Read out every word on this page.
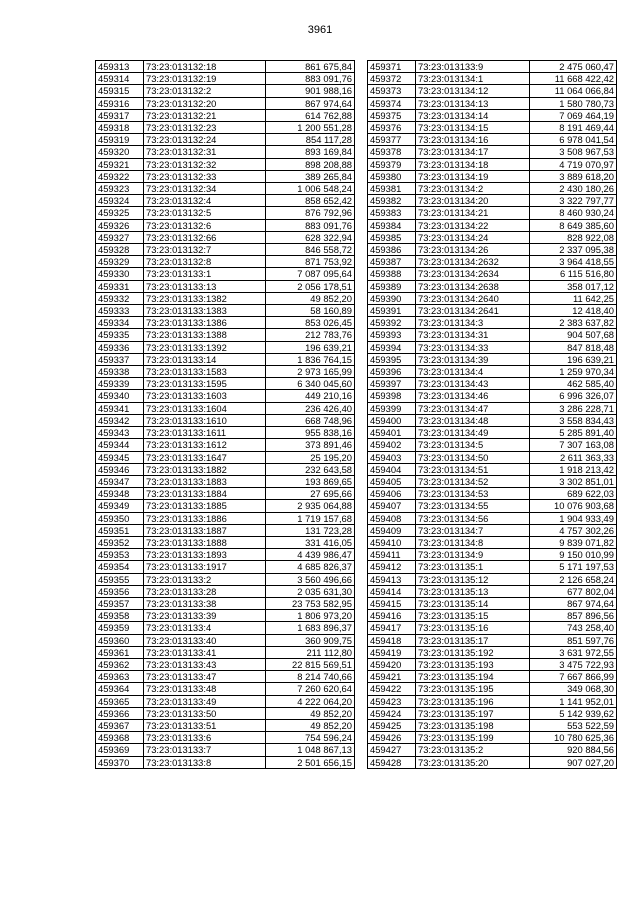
3961
459313	73:23:013132:18	861 675,84
459314	73:23:013132:19	883 091,76
459315	73:23:013132:2	901 988,16
459316	73:23:013132:20	867 974,64
459317	73:23:013132:21	614 762,88
459318	73:23:013132:23	1 200 551,28
459319	73:23:013132:24	854 117,28
459320	73:23:013132:31	893 169,84
459321	73:23:013132:32	898 208,88
459322	73:23:013132:33	389 265,84
459323	73:23:013132:34	1 006 548,24
459324	73:23:013132:4	858 652,42
459325	73:23:013132:5	876 792,96
459326	73:23:013132:6	883 091,76
459327	73:23:013132:66	628 322,94
459328	73:23:013132:7	846 558,72
459329	73:23:013132:8	871 753,92
459330	73:23:013133:1	7 087 095,64
459331	73:23:013133:13	2 056 178,51
459332	73:23:013133:1382	49 852,20
459333	73:23:013133:1383	58 160,89
459334	73:23:013133:1386	853 026,45
459335	73:23:013133:1388	212 783,76
459336	73:23:013133:1392	196 639,21
459337	73:23:013133:14	1 836 764,15
459338	73:23:013133:1583	2 973 165,99
459339	73:23:013133:1595	6 340 045,60
459340	73:23:013133:1603	449 210,16
459341	73:23:013133:1604	236 426,40
459342	73:23:013133:1610	668 748,96
459343	73:23:013133:1611	955 838,16
459344	73:23:013133:1612	373 891,46
459345	73:23:013133:1647	25 195,20
459346	73:23:013133:1882	232 643,58
459347	73:23:013133:1883	193 869,65
459348	73:23:013133:1884	27 695,66
459349	73:23:013133:1885	2 935 064,88
459350	73:23:013133:1886	1 719 157,68
459351	73:23:013133:1887	131 723,28
459352	73:23:013133:1888	331 416,05
459353	73:23:013133:1893	4 439 986,47
459354	73:23:013133:1917	4 685 826,37
459355	73:23:013133:2	3 560 496,66
459356	73:23:013133:28	2 035 631,30
459357	73:23:013133:38	23 753 582,95
459358	73:23:013133:39	1 806 973,20
459359	73:23:013133:4	1 683 896,37
459360	73:23:013133:40	360 909,75
459361	73:23:013133:41	211 112,80
459362	73:23:013133:43	22 815 569,51
459363	73:23:013133:47	8 214 740,66
459364	73:23:013133:48	7 260 620,64
459365	73:23:013133:49	4 222 064,20
459366	73:23:013133:50	49 852,20
459367	73:23:013133:51	49 852,20
459368	73:23:013133:6	754 596,24
459369	73:23:013133:7	1 048 867,13
459370	73:23:013133:8	2 501 656,15
459371	73:23:013133:9	2 475 060,47
459372	73:23:013134:1	11 668 422,42
459373	73:23:013134:12	11 064 066,84
459374	73:23:013134:13	1 580 780,73
459375	73:23:013134:14	7 069 464,19
459376	73:23:013134:15	8 191 469,44
459377	73:23:013134:16	6 978 041,54
459378	73:23:013134:17	3 508 967,53
459379	73:23:013134:18	4 719 070,97
459380	73:23:013134:19	3 889 618,20
459381	73:23:013134:2	2 430 180,26
459382	73:23:013134:20	3 322 797,77
459383	73:23:013134:21	8 460 930,24
459384	73:23:013134:22	8 649 385,60
459385	73:23:013134:24	828 922,08
459386	73:23:013134:26	2 337 095,38
459387	73:23:013134:2632	3 964 418,55
459388	73:23:013134:2634	6 115 516,80
459389	73:23:013134:2638	358 017,12
459390	73:23:013134:2640	11 642,25
459391	73:23:013134:2641	12 418,40
459392	73:23:013134:3	2 383 637,82
459393	73:23:013134:31	904 507,68
459394	73:23:013134:33	847 818,48
459395	73:23:013134:39	196 639,21
459396	73:23:013134:4	1 259 970,34
459397	73:23:013134:43	462 585,40
459398	73:23:013134:46	6 996 326,07
459399	73:23:013134:47	3 286 228,71
459400	73:23:013134:48	3 558 834,43
459401	73:23:013134:49	5 285 891,40
459402	73:23:013134:5	7 307 163,08
459403	73:23:013134:50	2 611 363,33
459404	73:23:013134:51	1 918 213,42
459405	73:23:013134:52	3 302 851,01
459406	73:23:013134:53	689 622,03
459407	73:23:013134:55	10 076 903,68
459408	73:23:013134:56	1 904 933,49
459409	73:23:013134:7	4 757 302,26
459410	73:23:013134:8	9 839 071,82
459411	73:23:013134:9	9 150 010,99
459412	73:23:013135:1	5 171 197,53
459413	73:23:013135:12	2 126 658,24
459414	73:23:013135:13	677 802,04
459415	73:23:013135:14	867 974,64
459416	73:23:013135:15	857 896,56
459417	73:23:013135:16	743 258,40
459418	73:23:013135:17	851 597,76
459419	73:23:013135:192	3 631 972,55
459420	73:23:013135:193	3 475 722,93
459421	73:23:013135:194	7 667 866,99
459422	73:23:013135:195	349 068,30
459423	73:23:013135:196	1 141 952,01
459424	73:23:013135:197	5 142 939,62
459425	73:23:013135:198	553 522,59
459426	73:23:013135:199	10 780 625,36
459427	73:23:013135:2	920 884,56
459428	73:23:013135:20	907 027,20
